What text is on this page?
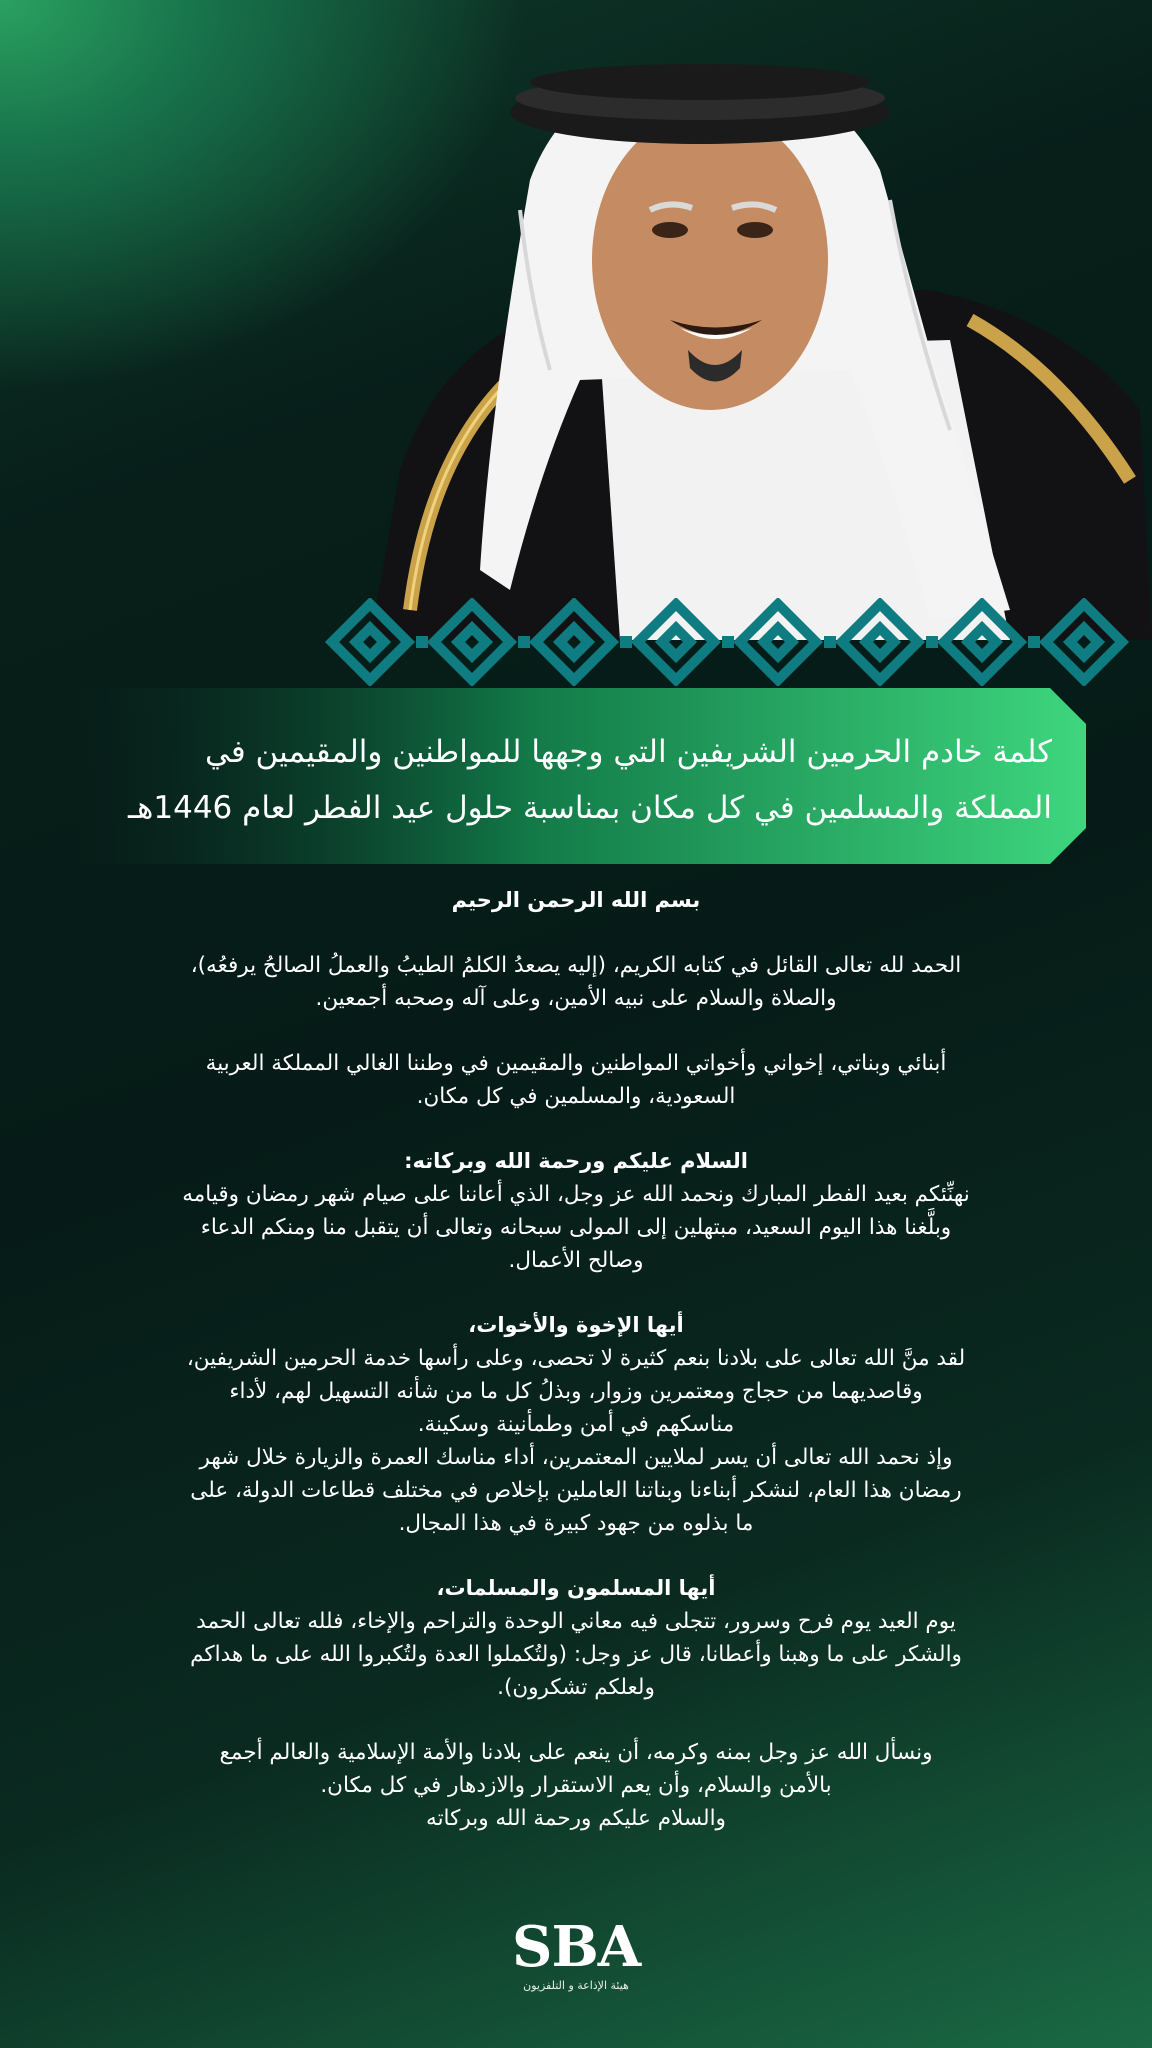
كلمة خادم الحرمين الشريفين التي وجهها للمواطنين والمقيمين في
المملكة والمسلمين في كل مكان بمناسبة حلول عيد الفطر لعام 1446هـ

بسم الله الرحمن الرحيم

الحمد لله تعالى القائل في كتابه الكريم، (إليه يصعدُ الكلمُ الطيبُ والعملُ الصالحُ يرفعُه)،
والصلاة والسلام على نبيه الأمين، وعلى آله وصحبه أجمعين.

أبنائي وبناتي، إخواني وأخواتي المواطنين والمقيمين في وطننا الغالي المملكة العربية
السعودية، والمسلمين في كل مكان.

السلام عليكم ورحمة الله وبركاته:

نهنِّئكم بعيد الفطر المبارك ونحمد الله عز وجل، الذي أعاننا على صيام شهر رمضان وقيامه
وبلَّغنا هذا اليوم السعيد، مبتهلين إلى المولى سبحانه وتعالى أن يتقبل منا ومنكم الدعاء
وصالح الأعمال.

أيها الإخوة والأخوات،

لقد منَّ الله تعالى على بلادنا بنعم كثيرة لا تحصى، وعلى رأسها خدمة الحرمين الشريفين،
وقاصديهما من حجاج ومعتمرين وزوار، وبذلُ كل ما من شأنه التسهيل لهم، لأداء
مناسكهم في أمن وطمأنينة وسكينة.
وإذ نحمد الله تعالى أن يسر لملايين المعتمرين، أداء مناسك العمرة والزيارة خلال شهر
رمضان هذا العام، لنشكر أبناءنا وبناتنا العاملين بإخلاص في مختلف قطاعات الدولة، على
ما بذلوه من جهود كبيرة في هذا المجال.

أيها المسلمون والمسلمات،

يوم العيد يوم فرح وسرور، تتجلى فيه معاني الوحدة والتراحم والإخاء، فلله تعالى الحمد
والشكر على ما وهبنا وأعطانا، قال عز وجل: (ولتُكملوا العدة ولتُكبروا الله على ما هداكم
ولعلكم تشكرون).

ونسأل الله عز وجل بمنه وكرمه، أن ينعم على بلادنا والأمة الإسلامية والعالم أجمع
بالأمن والسلام، وأن يعم الاستقرار والازدهار في كل مكان.
والسلام عليكم ورحمة الله وبركاته

SBA
هيئة الإذاعة و التلفزيون
